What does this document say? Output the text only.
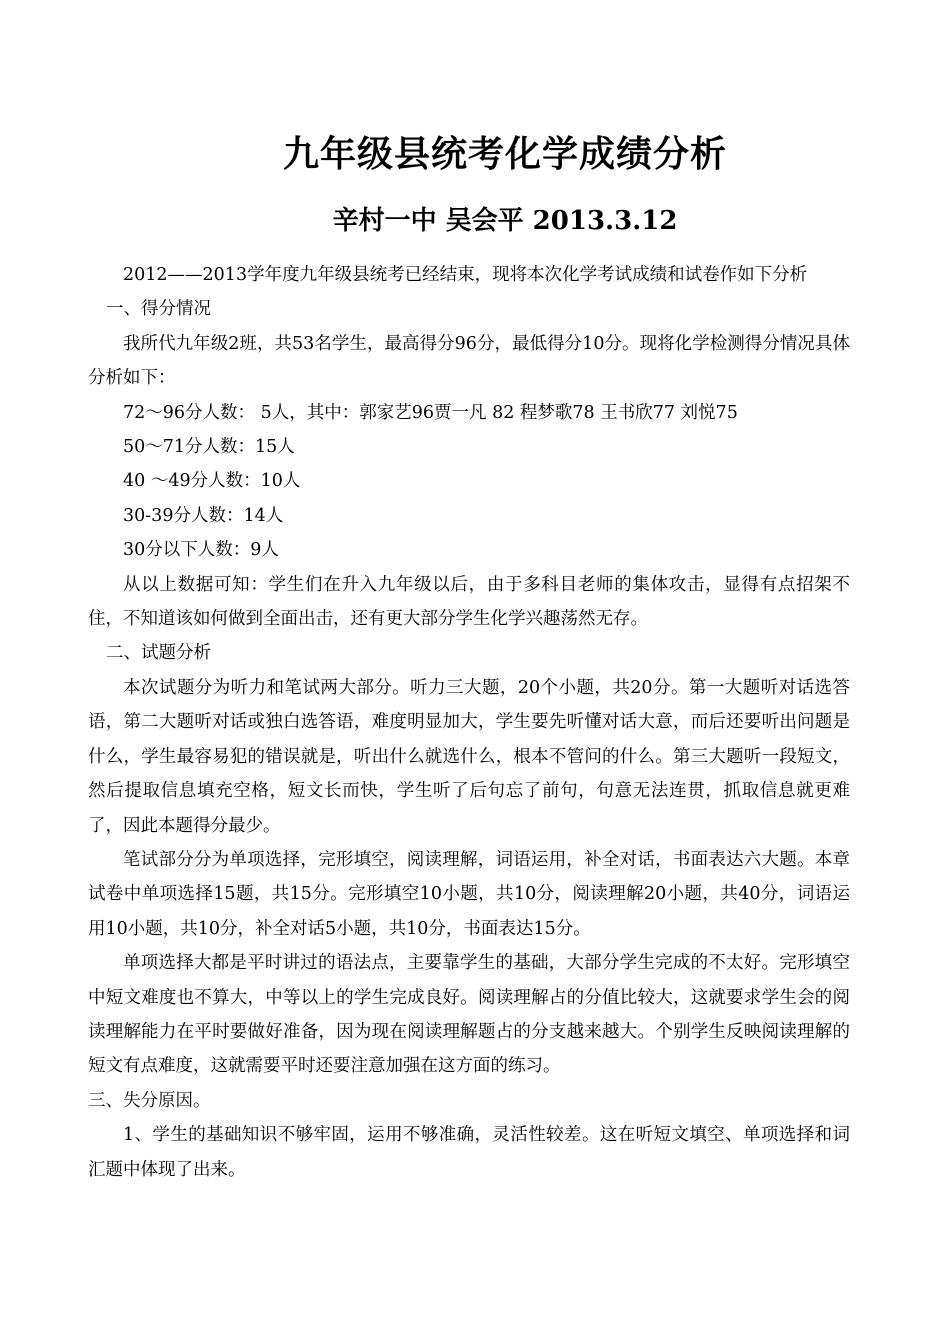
九年级县统考化学成绩分析
辛村一中 吴会平 2013.3.12

2012——2013学年度九年级县统考已经结束，现将本次化学考试成绩和试卷作如下分析

一、得分情况

我所代九年级2班，共53名学生，最高得分96分，最低得分10分。现将化学检测得分情况具体分析如下：

72～96分人数： 5人，其中：郭家艺96贾一凡 82 程梦歌78 王书欣77 刘悦75

50～71分人数：15人

40 ～49分人数：10人

30-39分人数：14人

30分以下人数：9人

从以上数据可知：学生们在升入九年级以后，由于多科目老师的集体攻击，显得有点招架不住，不知道该如何做到全面出击，还有更大部分学生化学兴趣荡然无存。

二、试题分析

本次试题分为听力和笔试两大部分。听力三大题，20个小题，共20分。第一大题听对话选答语，第二大题听对话或独白选答语，难度明显加大，学生要先听懂对话大意，而后还要听出问题是什么，学生最容易犯的错误就是，听出什么就选什么，根本不管问的什么。第三大题听一段短文，然后提取信息填充空格，短文长而快，学生听了后句忘了前句，句意无法连贯，抓取信息就更难了，因此本题得分最少。

笔试部分分为单项选择，完形填空，阅读理解，词语运用，补全对话，书面表达六大题。本章试卷中单项选择15题，共15分。完形填空10小题，共10分，阅读理解20小题，共40分，词语运用10小题，共10分，补全对话5小题，共10分，书面表达15分。

单项选择大都是平时讲过的语法点，主要靠学生的基础，大部分学生完成的不太好。完形填空中短文难度也不算大，中等以上的学生完成良好。阅读理解占的分值比较大，这就要求学生会的阅读理解能力在平时要做好准备，因为现在阅读理解题占的分支越来越大。个别学生反映阅读理解的短文有点难度，这就需要平时还要注意加强在这方面的练习。

三、失分原因。

1、学生的基础知识不够牢固，运用不够准确，灵活性较差。这在听短文填空、单项选择和词汇题中体现了出来。
